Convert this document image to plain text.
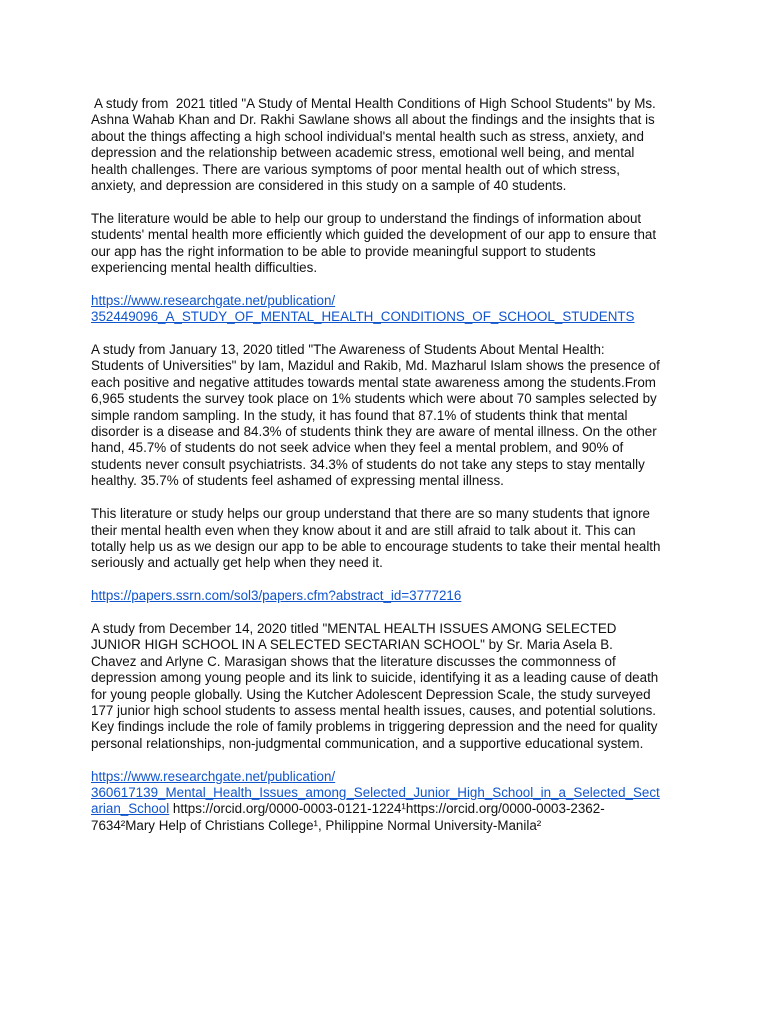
A study from  2021 titled "A Study of Mental Health Conditions of High School Students" by Ms.
Ashna Wahab Khan and Dr. Rakhi Sawlane shows all about the findings and the insights that is
about the things affecting a high school individual's mental health such as stress, anxiety, and
depression and the relationship between academic stress, emotional well being, and mental
health challenges. There are various symptoms of poor mental health out of which stress,
anxiety, and depression are considered in this study on a sample of 40 students.
The literature would be able to help our group to understand the findings of information about
students' mental health more efficiently which guided the development of our app to ensure that
our app has the right information to be able to provide meaningful support to students
experiencing mental health difficulties.
https://www.researchgate.net/publication/
352449096_A_STUDY_OF_MENTAL_HEALTH_CONDITIONS_OF_SCHOOL_STUDENTS
A study from January 13, 2020 titled "The Awareness of Students About Mental Health:
Students of Universities" by Iam, Mazidul and Rakib, Md. Mazharul Islam shows the presence of
each positive and negative attitudes towards mental state awareness among the students.From
6,965 students the survey took place on 1% students which were about 70 samples selected by
simple random sampling. In the study, it has found that 87.1% of students think that mental
disorder is a disease and 84.3% of students think they are aware of mental illness. On the other
hand, 45.7% of students do not seek advice when they feel a mental problem, and 90% of
students never consult psychiatrists. 34.3% of students do not take any steps to stay mentally
healthy. 35.7% of students feel ashamed of expressing mental illness.
This literature or study helps our group understand that there are so many students that ignore
their mental health even when they know about it and are still afraid to talk about it. This can
totally help us as we design our app to be able to encourage students to take their mental health
seriously and actually get help when they need it.
https://papers.ssrn.com/sol3/papers.cfm?abstract_id=3777216
A study from December 14, 2020 titled "MENTAL HEALTH ISSUES AMONG SELECTED
JUNIOR HIGH SCHOOL IN A SELECTED SECTARIAN SCHOOL" by Sr. Maria Asela B.
Chavez and Arlyne C. Marasigan shows that the literature discusses the commonness of
depression among young people and its link to suicide, identifying it as a leading cause of death
for young people globally. Using the Kutcher Adolescent Depression Scale, the study surveyed
177 junior high school students to assess mental health issues, causes, and potential solutions.
Key findings include the role of family problems in triggering depression and the need for quality
personal relationships, non-judgmental communication, and a supportive educational system.
https://www.researchgate.net/publication/
360617139_Mental_Health_Issues_among_Selected_Junior_High_School_in_a_Selected_Sect
arian_School https://orcid.org/0000-0003-0121-1224¹https://orcid.org/0000-0003-2362-
7634²Mary Help of Christians College¹, Philippine Normal University-Manila²
